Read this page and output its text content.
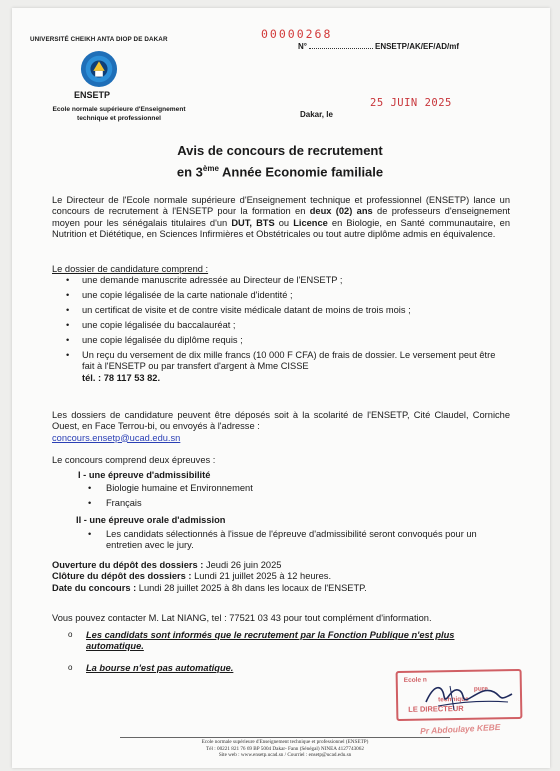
UNIVERSITÉ CHEIKH ANTA DIOP DE DAKAR
ENSETP
Ecole normale supérieure d'Enseignement
technique et professionnel
00000268
N°	ENSETP/AK/EF/AD/mf
Dakar, le
25 JUIN 2025
Avis de concours de recrutement
en 3ème Année Economie familiale
Le Directeur de l'Ecole normale supérieure d'Enseignement technique et professionnel (ENSETP) lance un concours de recrutement à l'ENSETP pour la formation en deux (02) ans de professeurs d'enseignement moyen pour les sénégalais titulaires d'un DUT, BTS ou Licence en Biologie, en Santé communautaire, en Nutrition et Diététique, en Sciences Infirmières et Obstétricales ou tout autre diplôme admis en équivalence.
Le dossier de candidature comprend :
• une demande manuscrite adressée au Directeur de l'ENSETP ;
• une copie légalisée de la carte nationale d'identité ;
• un certificat de visite et de contre visite médicale datant de moins de trois mois ;
• une copie légalisée du baccalauréat ;
• une copie légalisée du diplôme requis ;
• Un reçu du versement de dix mille francs (10 000 F CFA) de frais de dossier. Le versement peut être fait à l'ENSETP ou par transfert d'argent à Mme CISSE
tél. : 78 117 53 82.
Les dossiers de candidature peuvent être déposés soit à la scolarité de l'ENSETP, Cité Claudel, Corniche Ouest, en Face Terrou-bi, ou envoyés à l'adresse :
concours.ensetp@ucad.edu.sn
Le concours comprend deux épreuves :
I - une épreuve d'admissibilité
• Biologie humaine et Environnement
• Français
II - une épreuve orale d'admission
• Les candidats sélectionnés à l'issue de l'épreuve d'admissibilité seront convoqués pour un entretien avec le jury.
Ouverture du dépôt des dossiers : Jeudi 26 juin 2025
Clôture du dépôt des dossiers : Lundi 21 juillet 2025 à 12 heures.
Date du concours : Lundi 28 juillet 2025 à 8h dans les locaux de l'ENSETP.
Vous pouvez contacter M. Lat NIANG, tel : 77521 03 43 pour tout complément d'information.
o Les candidats sont informés que le recrutement par la Fonction Publique n'est plus automatique.
o La bourse n'est pas automatique.
Ecole n
pure
technique
LE DIRECTEUR
Pr Abdoulaye KEBE
Ecole normale supérieure d'Enseignement technique et professionnel (ENSETP)
Tél : 00221 821 76 69 BP 5004 Dakar- Fann (Sénégal) NINEA 4127743062
Site web : www.ensetp.ucad.sn / Courriel : ensetp@ucad.edu.sn
